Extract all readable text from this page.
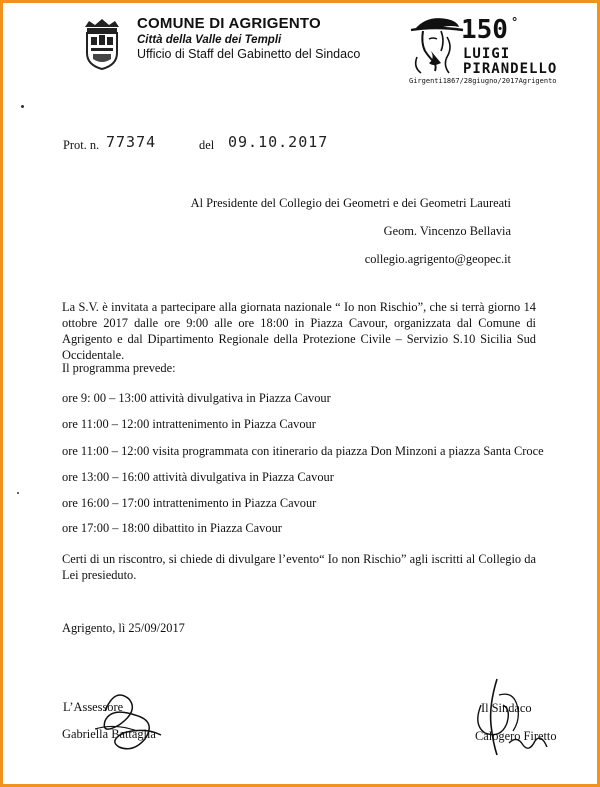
COMUNE DI AGRIGENTO
Città della Valle dei Templi
Ufficio di Staff del Gabinetto del Sindaco
150 °
LUIGI
PIRANDELLO
Girgenti1867/28giugno/2017Agrigento
Prot. n. 77374	del 09.10.2017
Al Presidente del Collegio dei Geometri e dei Geometri Laureati
Geom. Vincenzo Bellavia
collegio.agrigento@geopec.it
La S.V. è invitata a partecipare alla giornata nazionale “ Io non Rischio”, che si terrà giorno 14 ottobre 2017 dalle ore 9:00 alle ore 18:00 in Piazza Cavour, organizzata dal Comune di Agrigento e dal Dipartimento Regionale della Protezione Civile – Servizio S.10 Sicilia Sud Occidentale.
Il programma prevede:
ore 9: 00 – 13:00 attività divulgativa in Piazza Cavour
ore 11:00 – 12:00 intrattenimento in Piazza Cavour
ore 11:00 – 12:00 visita programmata con itinerario da piazza Don Minzoni a piazza Santa Croce
ore 13:00 – 16:00 attività divulgativa in Piazza Cavour
ore 16:00 – 17:00 intrattenimento in Piazza Cavour
ore 17:00 – 18:00 dibattito in Piazza Cavour
Certi di un riscontro, si chiede di divulgare l’evento“ Io non Rischio” agli iscritti al Collegio da Lei presieduto.
Agrigento, lì 25/09/2017
L’Assessore
Gabriella Battaglia
Il Sindaco
Calogero Firetto
